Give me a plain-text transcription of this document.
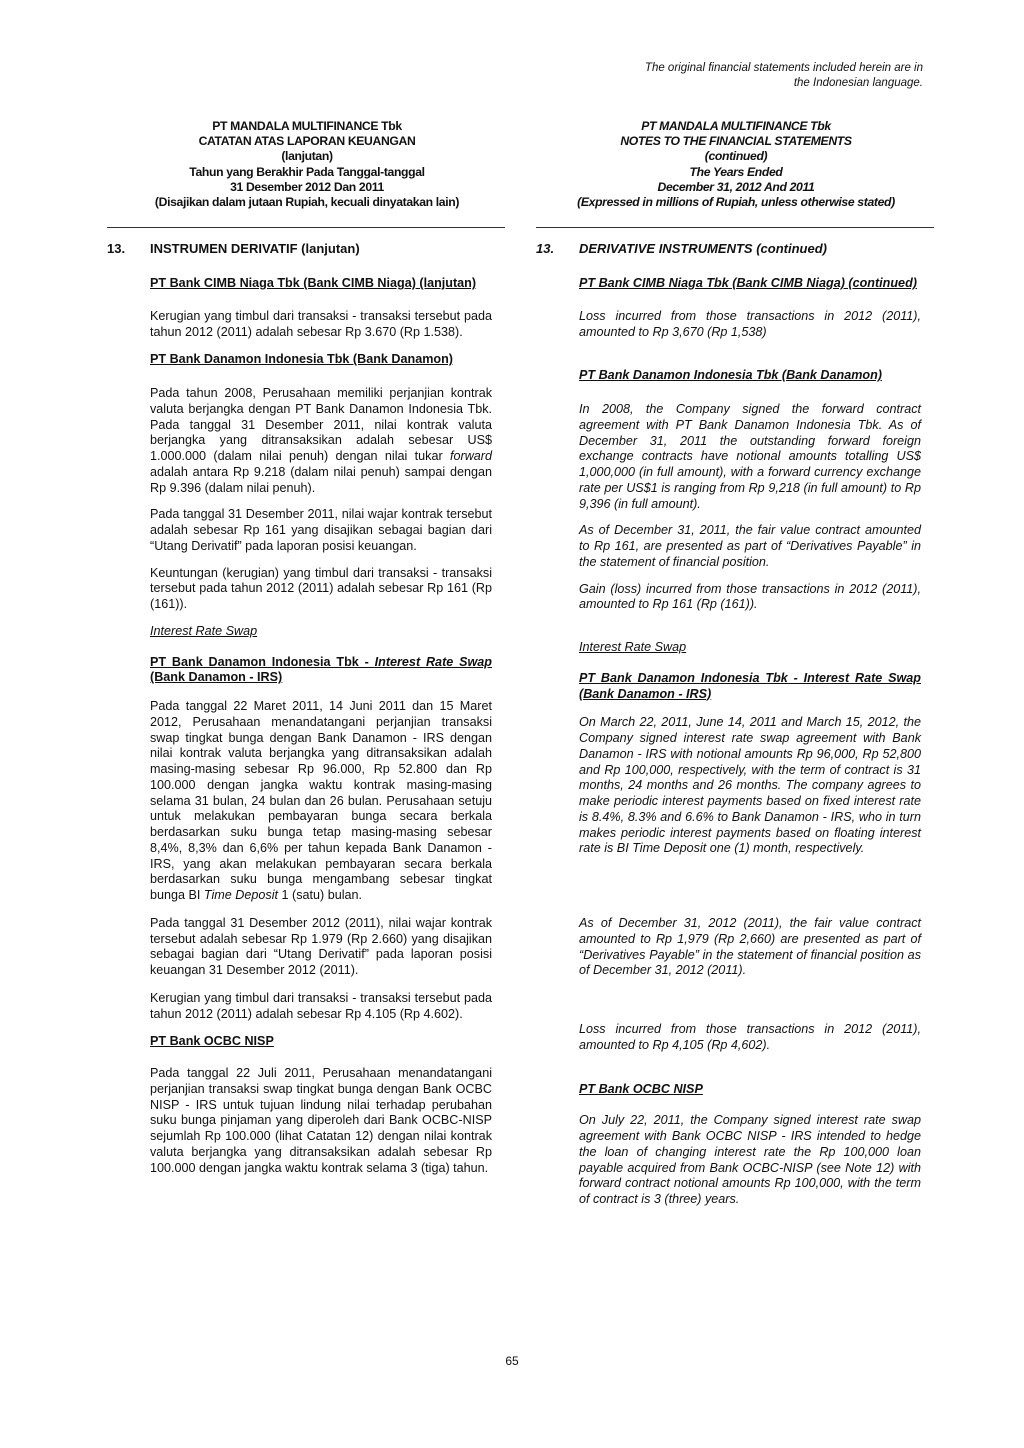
The original financial statements included herein are in
the Indonesian language.
PT MANDALA MULTIFINANCE Tbk
CATATAN ATAS LAPORAN KEUANGAN
(lanjutan)
Tahun yang Berakhir Pada Tanggal-tanggal
31 Desember 2012 Dan 2011
(Disajikan dalam jutaan Rupiah, kecuali dinyatakan lain)
PT MANDALA MULTIFINANCE Tbk
NOTES TO THE FINANCIAL STATEMENTS
(continued)
The Years Ended
December 31, 2012 And 2011
(Expressed in millions of Rupiah, unless otherwise stated)
13.	INSTRUMEN DERIVATIF (lanjutan)

PT Bank CIMB Niaga Tbk (Bank CIMB Niaga) (lanjutan)

Kerugian yang timbul dari transaksi - transaksi tersebut pada tahun 2012 (2011) adalah sebesar Rp 3.670 (Rp 1.538).

PT Bank Danamon Indonesia Tbk (Bank Danamon)

Pada tahun 2008, Perusahaan memiliki perjanjian kontrak valuta berjangka dengan PT Bank Danamon Indonesia Tbk. Pada tanggal 31 Desember 2011, nilai kontrak valuta berjangka yang ditransaksikan adalah sebesar US$ 1.000.000 (dalam nilai penuh) dengan nilai tukar forward adalah antara Rp 9.218 (dalam nilai penuh) sampai dengan Rp 9.396 (dalam nilai penuh).

Pada tanggal 31 Desember 2011, nilai wajar kontrak tersebut adalah sebesar Rp 161 yang disajikan sebagai bagian dari “Utang Derivatif” pada laporan posisi keuangan.

Keuntungan (kerugian) yang timbul dari transaksi - transaksi tersebut pada tahun 2012 (2011) adalah sebesar Rp 161 (Rp (161)).

Interest Rate Swap

PT Bank Danamon Indonesia Tbk - Interest Rate Swap (Bank Danamon - IRS)

Pada tanggal 22 Maret 2011, 14 Juni 2011 dan 15 Maret 2012, Perusahaan menandatangani perjanjian transaksi swap tingkat bunga dengan Bank Danamon - IRS dengan nilai kontrak valuta berjangka yang ditransaksikan adalah masing-masing sebesar Rp 96.000, Rp 52.800 dan Rp 100.000 dengan jangka waktu kontrak masing-masing selama 31 bulan, 24 bulan dan 26 bulan. Perusahaan setuju untuk melakukan pembayaran bunga secara berkala berdasarkan suku bunga tetap masing-masing sebesar 8,4%, 8,3% dan 6,6% per tahun kepada Bank Danamon - IRS, yang akan melakukan pembayaran secara berkala berdasarkan suku bunga mengambang sebesar tingkat bunga BI Time Deposit 1 (satu) bulan.

Pada tanggal 31 Desember 2012 (2011), nilai wajar kontrak tersebut adalah sebesar Rp 1.979 (Rp 2.660) yang disajikan sebagai bagian dari “Utang Derivatif” pada laporan posisi keuangan 31 Desember 2012 (2011).

Kerugian yang timbul dari transaksi - transaksi tersebut pada tahun 2012 (2011) adalah sebesar Rp 4.105 (Rp 4.602).

PT Bank OCBC NISP

Pada tanggal 22 Juli 2011, Perusahaan menandatangani perjanjian transaksi swap tingkat bunga dengan Bank OCBC NISP - IRS untuk tujuan lindung nilai terhadap perubahan suku bunga pinjaman yang diperoleh dari Bank OCBC-NISP sejumlah Rp 100.000 (lihat Catatan 12) dengan nilai kontrak valuta berjangka yang ditransaksikan adalah sebesar Rp 100.000 dengan jangka waktu kontrak selama 3 (tiga) tahun.

13.	DERIVATIVE INSTRUMENTS (continued)

PT Bank CIMB Niaga Tbk (Bank CIMB Niaga) (continued)

Loss incurred from those transactions in 2012 (2011), amounted to Rp 3,670 (Rp 1,538)

PT Bank Danamon Indonesia Tbk (Bank Danamon)

In 2008, the Company signed the forward contract agreement with PT Bank Danamon Indonesia Tbk. As of December 31, 2011 the outstanding forward foreign exchange contracts have notional amounts totalling US$ 1,000,000 (in full amount), with a forward currency exchange rate per US$1 is ranging from Rp 9,218 (in full amount) to Rp 9,396 (in full amount).

As of December 31, 2011, the fair value contract amounted to Rp 161, are presented as part of “Derivatives Payable” in the statement of financial position.

Gain (loss) incurred from those transactions in 2012 (2011), amounted to Rp 161 (Rp (161)).

Interest Rate Swap

PT Bank Danamon Indonesia Tbk - Interest Rate Swap (Bank Danamon - IRS)

On March 22, 2011, June 14, 2011 and March 15, 2012, the Company signed interest rate swap agreement with Bank Danamon - IRS with notional amounts Rp 96,000, Rp 52,800 and Rp 100,000, respectively, with the term of contract is 31 months, 24 months and 26 months. The company agrees to make periodic interest payments based on fixed interest rate is 8.4%, 8.3% and 6.6% to Bank Danamon - IRS, who in turn makes periodic interest payments based on floating interest rate is BI Time Deposit one (1) month, respectively.

As of December 31, 2012 (2011), the fair value contract amounted to Rp 1,979 (Rp 2,660) are presented as part of “Derivatives Payable” in the statement of financial position as of December 31, 2012 (2011).

Loss incurred from those transactions in 2012 (2011), amounted to Rp 4,105 (Rp 4,602).

PT Bank OCBC NISP

On July 22, 2011, the Company signed interest rate swap agreement with Bank OCBC NISP - IRS intended to hedge the loan of changing interest rate the Rp 100,000 loan payable acquired from Bank OCBC-NISP (see Note 12) with forward contract notional amounts Rp 100,000, with the term of contract is 3 (three) years.

65
